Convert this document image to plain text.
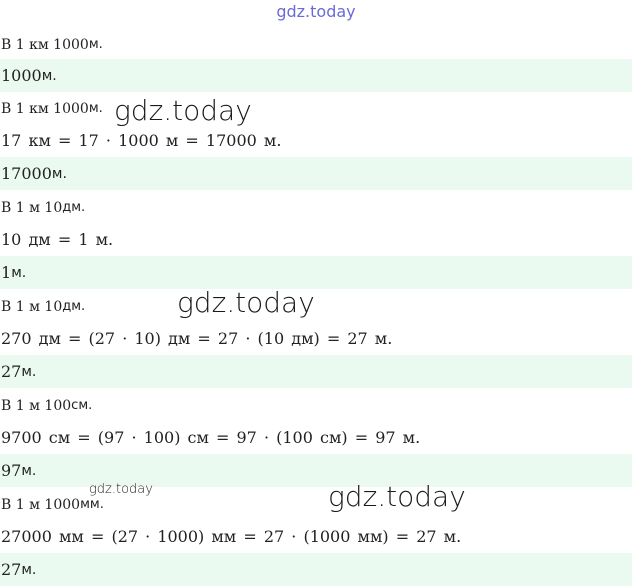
gdz.today
В 1 км 1000 м.
1000 м.
В 1 км 1000 м.
17 км = 17 · 1000 м = 17000 м.
17000 м.
В 1 м 10 дм.
10 дм = 1 м.
1 м.
В 1 м 10 дм.
270 дм = (27 · 10) дм = 27 · (10 дм) = 27 м.
27 м.
В 1 м 100 см.
9700 см = (97 · 100) см = 97 · (100 см) = 97 м.
97 м.
В 1 м 1000 мм.
27000 мм = (27 · 1000) мм = 27 · (1000 мм) = 27 м.
27 м.
gdz.today
gdz.today
gdz.today	gdz.today
